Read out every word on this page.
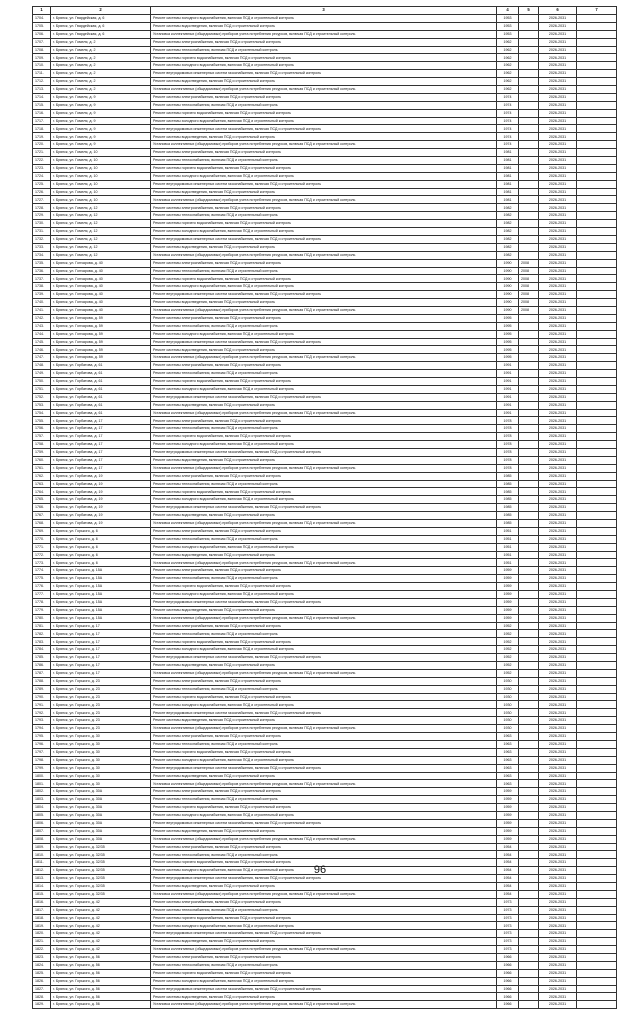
1	2	3	4	5	6	7
1704.	г. Брянск, ул. Гвардейская, д. 6	Ремонт системы холодного водоснабжения, включая ПСД и строительный контроль	1953		2026-2031	
1705.	г. Брянск, ул. Гвардейская, д. 6	Ремонт системы водоотведения, включая ПСД и строительный контроль	1953		2026-2031	
1706.	г. Брянск, ул. Гвардейская, д. 6	Установка коллективных (общедомовых) приборов учета потребления ресурсов, включая ПСД и строительный контроль	1953		2026-2031	
1707.	г. Брянск, ул. Гомеля, д. 2	Ремонт системы электроснабжения, включая ПСД и строительный контроль	1962		2026-2031	
1708.	г. Брянск, ул. Гомеля, д. 2	Ремонт системы теплоснабжения, включая ПСД и строительный контроль	1962		2026-2031	
1709.	г. Брянск, ул. Гомеля, д. 2	Ремонт системы горячего водоснабжения, включая ПСД и строительный контроль	1962		2026-2031	
1710.	г. Брянск, ул. Гомеля, д. 2	Ремонт системы холодного водоснабжения, включая ПСД и строительный контроль	1962		2026-2031	
1711.	г. Брянск, ул. Гомеля, д. 2	Ремонт внутридомовых инженерных систем газоснабжения, включая ПСД и строительный контроль	1962		2026-2031	
1712.	г. Брянск, ул. Гомеля, д. 2	Ремонт системы водоотведения, включая ПСД и строительный контроль	1962		2026-2031	
1713.	г. Брянск, ул. Гомеля, д. 2	Установка коллективных (общедомовых) приборов учета потребления ресурсов, включая ПСД и строительный контроль	1962		2026-2031	
1714.	г. Брянск, ул. Гомеля, д. 9	Ремонт системы электроснабжения, включая ПСД и строительный контроль	1974		2026-2031	
1715.	г. Брянск, ул. Гомеля, д. 9	Ремонт системы теплоснабжения, включая ПСД и строительный контроль	1974		2026-2031	
1716.	г. Брянск, ул. Гомеля, д. 9	Ремонт системы горячего водоснабжения, включая ПСД и строительный контроль	1974		2026-2031	
1717.	г. Брянск, ул. Гомеля, д. 9	Ремонт системы холодного водоснабжения, включая ПСД и строительный контроль	1974		2026-2031	
1718.	г. Брянск, ул. Гомеля, д. 9	Ремонт внутридомовых инженерных систем газоснабжения, включая ПСД и строительный контроль	1974		2026-2031	
1719.	г. Брянск, ул. Гомеля, д. 9	Ремонт системы водоотведения, включая ПСД и строительный контроль	1974		2026-2031	
1720.	г. Брянск, ул. Гомеля, д. 9	Установка коллективных (общедомовых) приборов учета потребления ресурсов, включая ПСД и строительный контроль	1974		2026-2031	
1721.	г. Брянск, ул. Гомеля, д. 10	Ремонт системы электроснабжения, включая ПСД и строительный контроль	1981		2026-2031	
1722.	г. Брянск, ул. Гомеля, д. 10	Ремонт системы теплоснабжения, включая ПСД и строительный контроль	1981		2026-2031	
1723.	г. Брянск, ул. Гомеля, д. 10	Ремонт системы горячего водоснабжения, включая ПСД и строительный контроль	1981		2026-2031	
1724.	г. Брянск, ул. Гомеля, д. 10	Ремонт системы холодного водоснабжения, включая ПСД и строительный контроль	1981		2026-2031	
1725.	г. Брянск, ул. Гомеля, д. 10	Ремонт внутридомовых инженерных систем газоснабжения, включая ПСД и строительный контроль	1981		2026-2031	
1726.	г. Брянск, ул. Гомеля, д. 10	Ремонт системы водоотведения, включая ПСД и строительный контроль	1981		2026-2031	
1727.	г. Брянск, ул. Гомеля, д. 10	Установка коллективных (общедомовых) приборов учета потребления ресурсов, включая ПСД и строительный контроль	1981		2026-2031	
1728.	г. Брянск, ул. Гомеля, д. 12	Ремонт системы электроснабжения, включая ПСД и строительный контроль	1982		2026-2031	
1729.	г. Брянск, ул. Гомеля, д. 12	Ремонт системы теплоснабжения, включая ПСД и строительный контроль	1982		2026-2031	
1730.	г. Брянск, ул. Гомеля, д. 12	Ремонт системы горячего водоснабжения, включая ПСД и строительный контроль	1982		2026-2031	
1731.	г. Брянск, ул. Гомеля, д. 12	Ремонт системы холодного водоснабжения, включая ПСД и строительный контроль	1982		2026-2031	
1732.	г. Брянск, ул. Гомеля, д. 12	Ремонт внутридомовых инженерных систем газоснабжения, включая ПСД и строительный контроль	1982		2026-2031	
1733.	г. Брянск, ул. Гомеля, д. 12	Ремонт системы водоотведения, включая ПСД и строительный контроль	1982		2026-2031	
1734.	г. Брянск, ул. Гомеля, д. 12	Установка коллективных (общедомовых) приборов учета потребления ресурсов, включая ПСД и строительный контроль	1982		2026-2031	
1735.	г. Брянск, ул. Гончарова, д. 40	Ремонт системы электроснабжения, включая ПСД и строительный контроль	1990	2008	2026-2031	
1736.	г. Брянск, ул. Гончарова, д. 40	Ремонт системы теплоснабжения, включая ПСД и строительный контроль	1990	2008	2026-2031	
1737.	г. Брянск, ул. Гончарова, д. 40	Ремонт системы горячего водоснабжения, включая ПСД и строительный контроль	1990	2008	2026-2031	
1738.	г. Брянск, ул. Гончарова, д. 40	Ремонт системы холодного водоснабжения, включая ПСД и строительный контроль	1990	2008	2026-2031	
1739.	г. Брянск, ул. Гончарова, д. 40	Ремонт внутридомовых инженерных систем газоснабжения, включая ПСД и строительный контроль	1990	2008	2026-2031	
1740.	г. Брянск, ул. Гончарова, д. 40	Ремонт системы водоотведения, включая ПСД и строительный контроль	1990	2008	2026-2031	
1741.	г. Брянск, ул. Гончарова, д. 40	Установка коллективных (общедомовых) приборов учета потребления ресурсов, включая ПСД и строительный контроль	1990	2008	2026-2031	
1742.	г. Брянск, ул. Гончарова, д. 59	Ремонт системы электроснабжения, включая ПСД и строительный контроль	1995		2026-2031	
1743.	г. Брянск, ул. Гончарова, д. 59	Ремонт системы теплоснабжения, включая ПСД и строительный контроль	1995		2026-2031	
1744.	г. Брянск, ул. Гончарова, д. 59	Ремонт системы холодного водоснабжения, включая ПСД и строительный контроль	1995		2026-2031	
1745.	г. Брянск, ул. Гончарова, д. 59	Ремонт внутридомовых инженерных систем газоснабжения, включая ПСД и строительный контроль	1995		2026-2031	
1746.	г. Брянск, ул. Гончарова, д. 59	Ремонт системы водоотведения, включая ПСД и строительный контроль	1995		2026-2031	
1747.	г. Брянск, ул. Гончарова, д. 59	Установка коллективных (общедомовых) приборов учета потребления ресурсов, включая ПСД и строительный контроль	1995		2026-2031	
1748.	г. Брянск, ул. Горбатова, д. 61	Ремонт системы электроснабжения, включая ПСД и строительный контроль	1991		2026-2031	
1749.	г. Брянск, ул. Горбатова, д. 61	Ремонт системы теплоснабжения, включая ПСД и строительный контроль	1991		2026-2031	
1750.	г. Брянск, ул. Горбатова, д. 61	Ремонт системы горячего водоснабжения, включая ПСД и строительный контроль	1991		2026-2031	
1751.	г. Брянск, ул. Горбатова, д. 61	Ремонт системы холодного водоснабжения, включая ПСД и строительный контроль	1991		2026-2031	
1752.	г. Брянск, ул. Горбатова, д. 61	Ремонт внутридомовых инженерных систем газоснабжения, включая ПСД и строительный контроль	1991		2026-2031	
1753.	г. Брянск, ул. Горбатова, д. 61	Ремонт системы водоотведения, включая ПСД и строительный контроль	1991		2026-2031	
1754.	г. Брянск, ул. Горбатова, д. 61	Установка коллективных (общедомовых) приборов учета потребления ресурсов, включая ПСД и строительный контроль	1991		2026-2031	
1755.	г. Брянск, ул. Горбатова, д. 17	Ремонт системы электроснабжения, включая ПСД и строительный контроль	1978		2026-2031	
1756.	г. Брянск, ул. Горбатова, д. 17	Ремонт системы теплоснабжения, включая ПСД и строительный контроль	1978		2026-2031	
1757.	г. Брянск, ул. Горбатова, д. 17	Ремонт системы горячего водоснабжения, включая ПСД и строительный контроль	1978		2026-2031	
1758.	г. Брянск, ул. Горбатова, д. 17	Ремонт системы холодного водоснабжения, включая ПСД и строительный контроль	1978		2026-2031	
1759.	г. Брянск, ул. Горбатова, д. 17	Ремонт внутридомовых инженерных систем газоснабжения, включая ПСД и строительный контроль	1978		2026-2031	
1760.	г. Брянск, ул. Горбатова, д. 17	Ремонт системы водоотведения, включая ПСД и строительный контроль	1978		2026-2031	
1761.	г. Брянск, ул. Горбатова, д. 17	Установка коллективных (общедомовых) приборов учета потребления ресурсов, включая ПСД и строительный контроль	1978		2026-2031	
1762.	г. Брянск, ул. Горбатова, д. 19	Ремонт системы электроснабжения, включая ПСД и строительный контроль	1985		2026-2031	
1763.	г. Брянск, ул. Горбатова, д. 19	Ремонт системы теплоснабжения, включая ПСД и строительный контроль	1985		2026-2031	
1764.	г. Брянск, ул. Горбатова, д. 19	Ремонт системы горячего водоснабжения, включая ПСД и строительный контроль	1985		2026-2031	
1765.	г. Брянск, ул. Горбатова, д. 19	Ремонт системы холодного водоснабжения, включая ПСД и строительный контроль	1985		2026-2031	
1766.	г. Брянск, ул. Горбатова, д. 19	Ремонт внутридомовых инженерных систем газоснабжения, включая ПСД и строительный контроль	1985		2026-2031	
1767.	г. Брянск, ул. Горбатова, д. 19	Ремонт системы водоотведения, включая ПСД и строительный контроль	1985		2026-2031	
1768.	г. Брянск, ул. Горбатова, д. 19	Установка коллективных (общедомовых) приборов учета потребления ресурсов, включая ПСД и строительный контроль	1985		2026-2031	
1769.	г. Брянск, ул. Горького, д. 6	Ремонт системы электроснабжения, включая ПСД и строительный контроль	1951		2026-2031	
1770.	г. Брянск, ул. Горького, д. 6	Ремонт системы теплоснабжения, включая ПСД и строительный контроль	1951		2026-2031	
1771.	г. Брянск, ул. Горького, д. 6	Ремонт системы холодного водоснабжения, включая ПСД и строительный контроль	1951		2026-2031	
1772.	г. Брянск, ул. Горького, д. 6	Ремонт системы водоотведения, включая ПСД и строительный контроль	1951		2026-2031	
1773.	г. Брянск, ул. Горького, д. 6	Установка коллективных (общедомовых) приборов учета потребления ресурсов, включая ПСД и строительный контроль	1951		2026-2031	
1774.	г. Брянск, ул. Горького, д. 15А	Ремонт системы электроснабжения, включая ПСД и строительный контроль	1959		2026-2031	
1775.	г. Брянск, ул. Горького, д. 15А	Ремонт системы теплоснабжения, включая ПСД и строительный контроль	1959		2026-2031	
1776.	г. Брянск, ул. Горького, д. 15А	Ремонт системы горячего водоснабжения, включая ПСД и строительный контроль	1959		2026-2031	
1777.	г. Брянск, ул. Горького, д. 15А	Ремонт системы холодного водоснабжения, включая ПСД и строительный контроль	1959		2026-2031	
1778.	г. Брянск, ул. Горького, д. 15А	Ремонт внутридомовых инженерных систем газоснабжения, включая ПСД и строительный контроль	1959		2026-2031	
1779.	г. Брянск, ул. Горького, д. 15А	Ремонт системы водоотведения, включая ПСД и строительный контроль	1959		2026-2031	
1780.	г. Брянск, ул. Горького, д. 15А	Установка коллективных (общедомовых) приборов учета потребления ресурсов, включая ПСД и строительный контроль	1959		2026-2031	
1781.	г. Брянск, ул. Горького, д. 17	Ремонт системы электроснабжения, включая ПСД и строительный контроль	1952		2026-2031	
1782.	г. Брянск, ул. Горького, д. 17	Ремонт системы теплоснабжения, включая ПСД и строительный контроль	1952		2026-2031	
1783.	г. Брянск, ул. Горького, д. 17	Ремонт системы горячего водоснабжения, включая ПСД и строительный контроль	1952		2026-2031	
1784.	г. Брянск, ул. Горького, д. 17	Ремонт системы холодного водоснабжения, включая ПСД и строительный контроль	1952		2026-2031	
1785.	г. Брянск, ул. Горького, д. 17	Ремонт внутридомовых инженерных систем газоснабжения, включая ПСД и строительный контроль	1952		2026-2031	
1786.	г. Брянск, ул. Горького, д. 17	Ремонт системы водоотведения, включая ПСД и строительный контроль	1952		2026-2031	
1787.	г. Брянск, ул. Горького, д. 17	Установка коллективных (общедомовых) приборов учета потребления ресурсов, включая ПСД и строительный контроль	1952		2026-2031	
1788.	г. Брянск, ул. Горького, д. 23	Ремонт системы электроснабжения, включая ПСД и строительный контроль	1930		2026-2031	
1789.	г. Брянск, ул. Горького, д. 23	Ремонт системы теплоснабжения, включая ПСД и строительный контроль	1930		2026-2031	
1790.	г. Брянск, ул. Горького, д. 23	Ремонт системы горячего водоснабжения, включая ПСД и строительный контроль	1930		2026-2031	
1791.	г. Брянск, ул. Горького, д. 23	Ремонт системы холодного водоснабжения, включая ПСД и строительный контроль	1930		2026-2031	
1792.	г. Брянск, ул. Горького, д. 23	Ремонт внутридомовых инженерных систем газоснабжения, включая ПСД и строительный контроль	1930		2026-2031	
1793.	г. Брянск, ул. Горького, д. 23	Ремонт системы водоотведения, включая ПСД и строительный контроль	1930		2026-2031	
1794.	г. Брянск, ул. Горького, д. 23	Установка коллективных (общедомовых) приборов учета потребления ресурсов, включая ПСД и строительный контроль	1930		2026-2031	
1795.	г. Брянск, ул. Горького, д. 30	Ремонт системы электроснабжения, включая ПСД и строительный контроль	1963		2026-2031	
1796.	г. Брянск, ул. Горького, д. 30	Ремонт системы теплоснабжения, включая ПСД и строительный контроль	1963		2026-2031	
1797.	г. Брянск, ул. Горького, д. 30	Ремонт системы горячего водоснабжения, включая ПСД и строительный контроль	1963		2026-2031	
1798.	г. Брянск, ул. Горького, д. 30	Ремонт системы холодного водоснабжения, включая ПСД и строительный контроль	1963		2026-2031	
1799.	г. Брянск, ул. Горького, д. 30	Ремонт внутридомовых инженерных систем газоснабжения, включая ПСД и строительный контроль	1963		2026-2031	
1800.	г. Брянск, ул. Горького, д. 30	Ремонт системы водоотведения, включая ПСД и строительный контроль	1963		2026-2031	
1801.	г. Брянск, ул. Горького, д. 30	Установка коллективных (общедомовых) приборов учета потребления ресурсов, включая ПСД и строительный контроль	1963		2026-2031	
1802.	г. Брянск, ул. Горького, д. 30А	Ремонт системы электроснабжения, включая ПСД и строительный контроль	1959		2026-2031	
1803.	г. Брянск, ул. Горького, д. 30А	Ремонт системы теплоснабжения, включая ПСД и строительный контроль	1959		2026-2031	
1804.	г. Брянск, ул. Горького, д. 30А	Ремонт системы горячего водоснабжения, включая ПСД и строительный контроль	1959		2026-2031	
1805.	г. Брянск, ул. Горького, д. 30А	Ремонт системы холодного водоснабжения, включая ПСД и строительный контроль	1959		2026-2031	
1806.	г. Брянск, ул. Горького, д. 30А	Ремонт внутридомовых инженерных систем газоснабжения, включая ПСД и строительный контроль	1959		2026-2031	
1807.	г. Брянск, ул. Горького, д. 30А	Ремонт системы водоотведения, включая ПСД и строительный контроль	1959		2026-2031	
1808.	г. Брянск, ул. Горького, д. 30А	Установка коллективных (общедомовых) приборов учета потребления ресурсов, включая ПСД и строительный контроль	1959		2026-2031	
1809.	г. Брянск, ул. Горького, д. 32/35	Ремонт системы электроснабжения, включая ПСД и строительный контроль	1954		2026-2031	
1810.	г. Брянск, ул. Горького, д. 32/35	Ремонт системы теплоснабжения, включая ПСД и строительный контроль	1954		2026-2031	
1811.	г. Брянск, ул. Горького, д. 32/35	Ремонт системы горячего водоснабжения, включая ПСД и строительный контроль	1954		2026-2031	
1812.	г. Брянск, ул. Горького, д. 32/35	Ремонт системы холодного водоснабжения, включая ПСД и строительный контроль	1954		2026-2031	
1813.	г. Брянск, ул. Горького, д. 32/35	Ремонт внутридомовых инженерных систем газоснабжения, включая ПСД и строительный контроль	1954		2026-2031	
1814.	г. Брянск, ул. Горького, д. 32/35	Ремонт системы водоотведения, включая ПСД и строительный контроль	1954		2026-2031	
1815.	г. Брянск, ул. Горького, д. 32/35	Установка коллективных (общедомовых) приборов учета потребления ресурсов, включая ПСД и строительный контроль	1954		2026-2031	
1816.	г. Брянск, ул. Горького, д. 42	Ремонт системы электроснабжения, включая ПСД и строительный контроль	1973		2026-2031	
1817.	г. Брянск, ул. Горького, д. 42	Ремонт системы теплоснабжения, включая ПСД и строительный контроль	1973		2026-2031	
1818.	г. Брянск, ул. Горького, д. 42	Ремонт системы горячего водоснабжения, включая ПСД и строительный контроль	1973		2026-2031	
1819.	г. Брянск, ул. Горького, д. 42	Ремонт системы холодного водоснабжения, включая ПСД и строительный контроль	1973		2026-2031	
1820.	г. Брянск, ул. Горького, д. 42	Ремонт внутридомовых инженерных систем газоснабжения, включая ПСД и строительный контроль	1973		2026-2031	
1821.	г. Брянск, ул. Горького, д. 42	Ремонт системы водоотведения, включая ПСД и строительный контроль	1973		2026-2031	
1822.	г. Брянск, ул. Горького, д. 42	Установка коллективных (общедомовых) приборов учета потребления ресурсов, включая ПСД и строительный контроль	1973		2026-2031	
1823.	г. Брянск, ул. Горького, д. 56	Ремонт системы электроснабжения, включая ПСД и строительный контроль	1966		2026-2031	
1824.	г. Брянск, ул. Горького, д. 56	Ремонт системы теплоснабжения, включая ПСД и строительный контроль	1966		2026-2031	
1825.	г. Брянск, ул. Горького, д. 56	Ремонт системы горячего водоснабжения, включая ПСД и строительный контроль	1966		2026-2031	
1826.	г. Брянск, ул. Горького, д. 56	Ремонт системы холодного водоснабжения, включая ПСД и строительный контроль	1966		2026-2031	
1827.	г. Брянск, ул. Горького, д. 56	Ремонт внутридомовых инженерных систем газоснабжения, включая ПСД и строительный контроль	1966		2026-2031	
1828.	г. Брянск, ул. Горького, д. 56	Ремонт системы водоотведения, включая ПСД и строительный контроль	1966		2026-2031	
1829.	г. Брянск, ул. Горького, д. 56	Установка коллективных (общедомовых) приборов учета потребления ресурсов, включая ПСД и строительный контроль	1966		2026-2031	
96
